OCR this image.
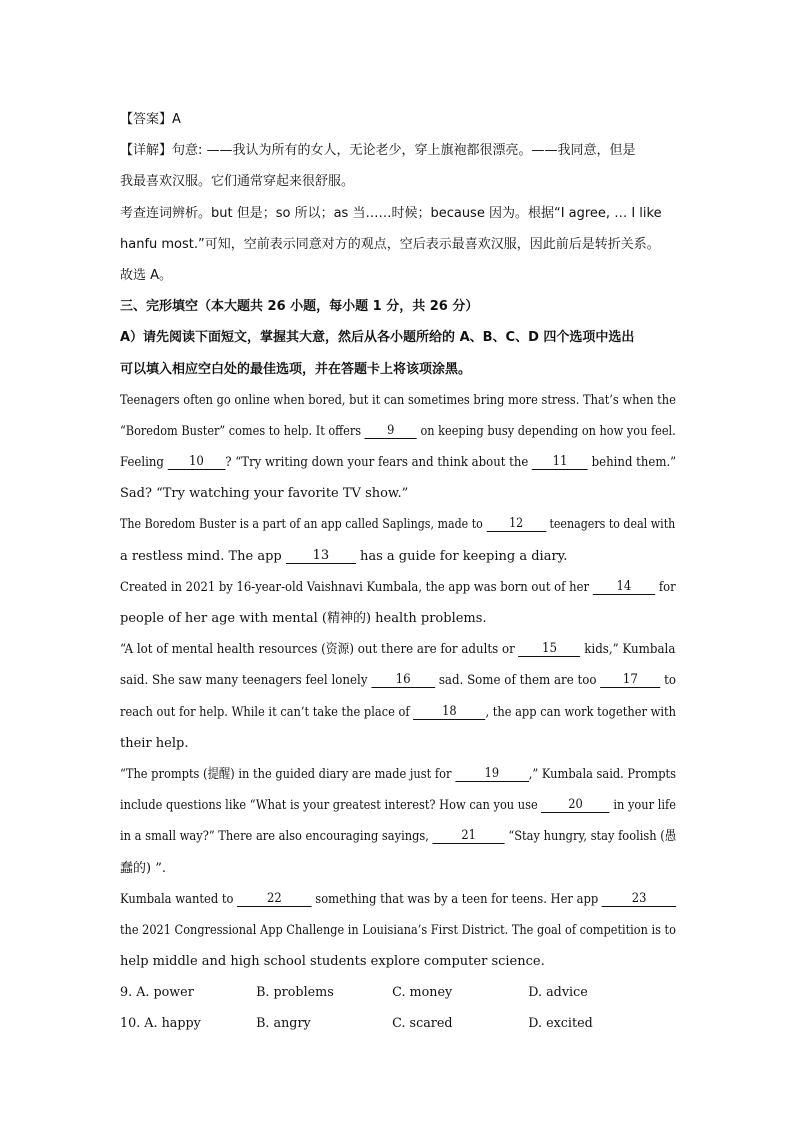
【答案】A
【详解】句意: ——我认为所有的女人，无论老少，穿上旗袍都很漂亮。——我同意，但是
我最喜欢汉服。它们通常穿起来很舒服。
考查连词辨析。but 但是；so 所以；as 当……时候；because 因为。根据“I agree, … I like
hanfu most.”可知，空前表示同意对方的观点，空后表示最喜欢汉服，因此前后是转折关系。
故选 A。
三、完形填空（本大题共 26 小题，每小题 1 分，共 26 分）
A）请先阅读下面短文，掌握其大意，然后从各小题所给的 A、B、C、D 四个选项中选出
可以填入相应空白处的最佳选项，并在答题卡上将该项涂黑。
Teenagers often go online when bored, but it can sometimes bring more stress. That’s when the
“Boredom Buster” comes to help. It offers 9 on keeping busy depending on how you feel.
Feeling 10 ? “Try writing down your fears and think about the 11 behind them.”
Sad? “Try watching your favorite TV show.”
The Boredom Buster is a part of an app called Saplings, made to 12 teenagers to deal with
a restless mind. The app 13 has a guide for keeping a diary.
Created in 2021 by 16-year-old Vaishnavi Kumbala, the app was born out of her 14 for
people of her age with mental (精神的) health problems.
“A lot of mental health resources (资源) out there are for adults or 15 kids,” Kumbala
said. She saw many teenagers feel lonely 16 sad. Some of them are too 17 to
reach out for help. While it can’t take the place of 18 , the app can work together with
their help.
“The prompts (提醒) in the guided diary are made just for 19 ,” Kumbala said. Prompts
include questions like “What is your greatest interest? How can you use 20 in your life
in a small way?” There are also encouraging sayings, 21 “Stay hungry, stay foolish (愚
蠢的) ”.
Kumbala wanted to 22 something that was by a teen for teens. Her app 23
the 2021 Congressional App Challenge in Louisiana’s First District. The goal of competition is to
help middle and high school students explore computer science.
9. A. power	B. problems	C. money	D. advice
10. A. happy	B. angry	C. scared	D. excited
